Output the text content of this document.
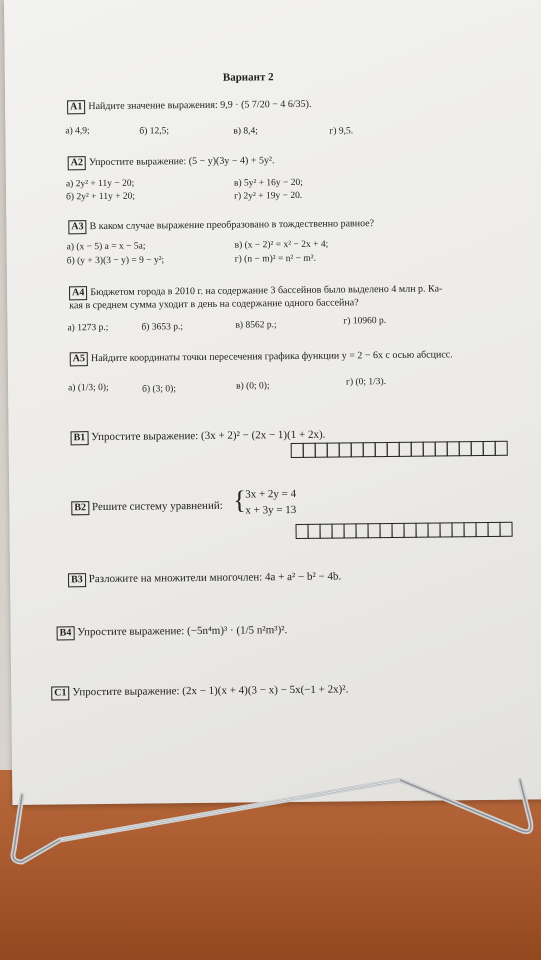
Вариант 2
А1 Найдите значение выражения: 9,9 · (5 7/20 − 4 6/35).
а) 4,9;	б) 12,5;	в) 8,4;	г) 9,5.
А2 Упростите выражение: (5 − y)(3y − 4) + 5y².
а) 2y² + 11y − 20;	в) 5y² + 16y − 20;
б) 2y² + 11y + 20;	г) 2y² + 19y − 20.
А3 В каком случае выражение преобразовано в тождественно равное?
а) (x − 5) a = x − 5a;	в) (x − 2)² = x² − 2x + 4;
б) (y + 3)(3 − y) = 9 − y²;	г) (n − m)² = n² − m².
А4 Бюджетом города в 2010 г. на содержание 3 бассейнов было выделено 4 млн р. Ка-
кая в среднем сумма уходит в день на содержание одного бассейна?
а) 1273 р.;	б) 3653 р.;	в) 8562 р.;	г) 10960 р.
А5 Найдите координаты точки пересечения графика функции y = 2 − 6x с осью абсцисс.
а) (1/3; 0);	б) (3; 0);	в) (0; 0);	г) (0; 1/3).
В1 Упростите выражение: (3x + 2)² − (2x − 1)(1 + 2x).
В2 Решите систему уравнений: { 3x + 2y = 4
x + 3y = 13
В3 Разложите на множители многочлен: 4a + a² − b² − 4b.
В4 Упростите выражение: (−5n⁴m)³ · (1/5 n²m³)².
С1 Упростите выражение: (2x − 1)(x + 4)(3 − x) − 5x(−1 + 2x)².
